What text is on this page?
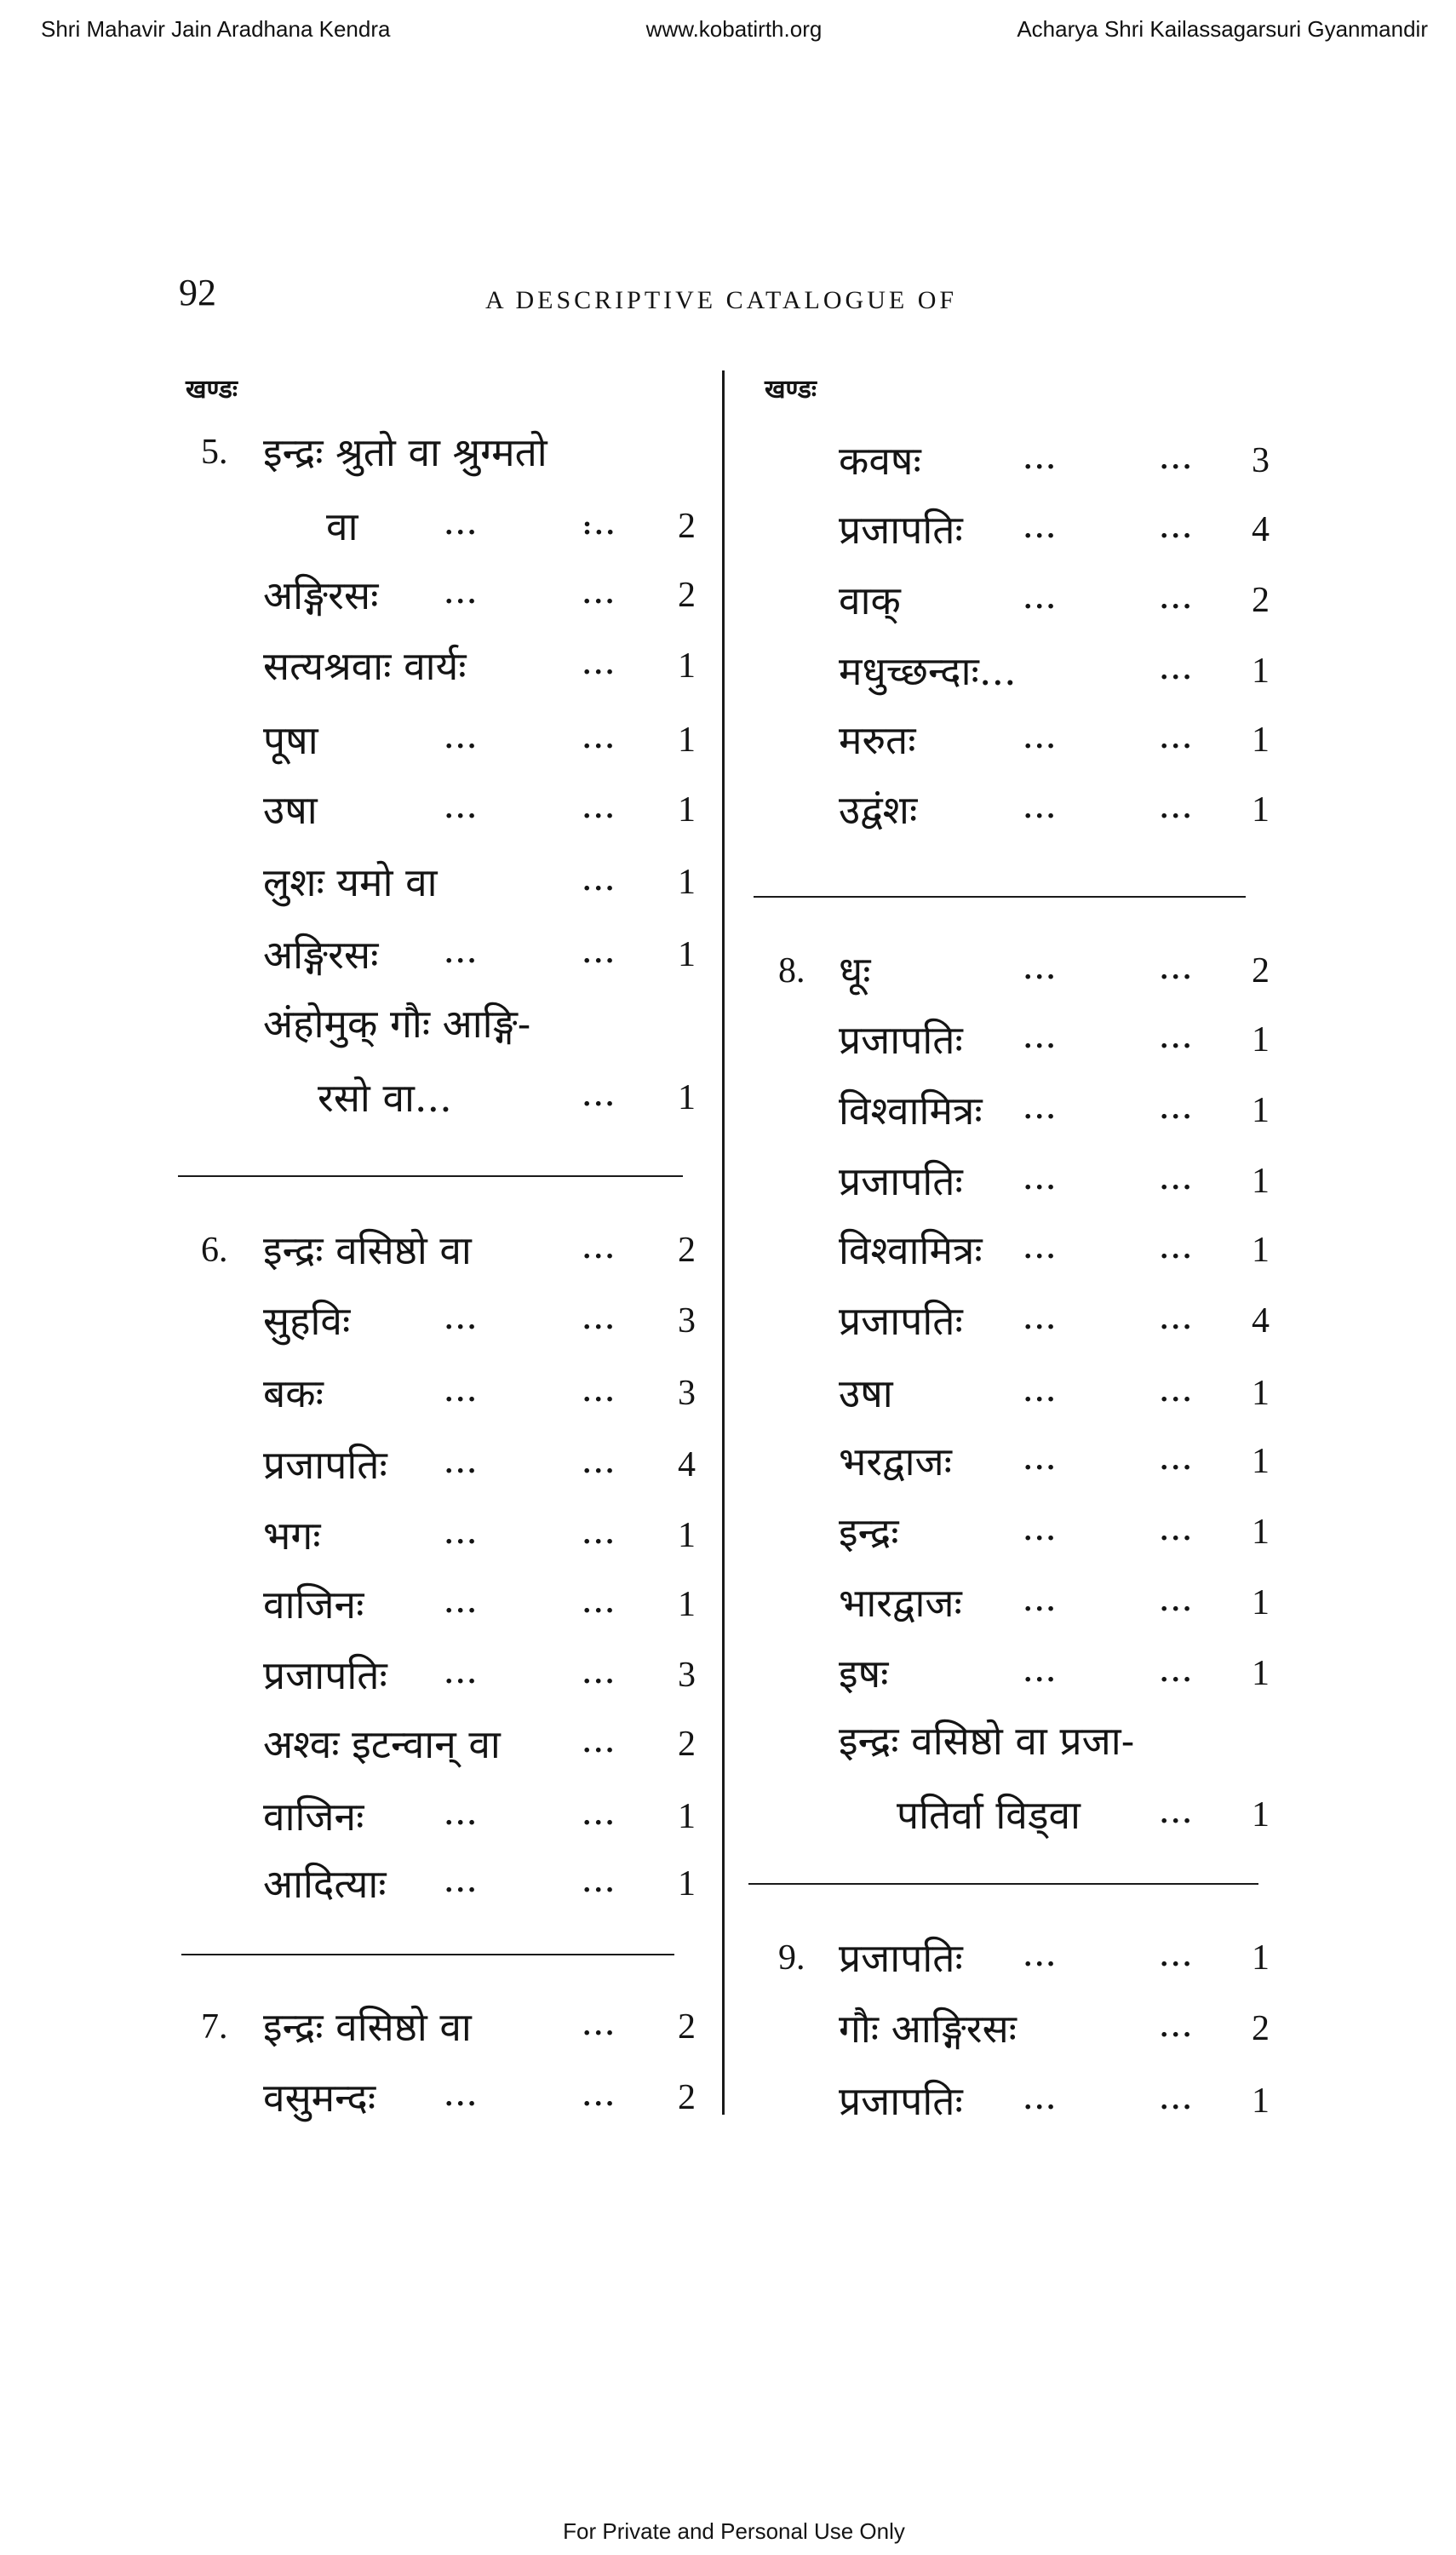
Shri Mahavir Jain Aradhana Kendra	www.kobatirth.org	Acharya Shri Kailassagarsuri Gyanmandir
92	A DESCRIPTIVE CATALOGUE OF
खण्डः
5. इन्द्रः श्रुतो वा श्रुग्मतो
वा	...	:.. 2
अङ्गिरसः	...	... 2
सत्यश्रवाः वार्यः	... 1
पूषा	...	... 1
उषा	...	... 1
लुशः यमो वा	... 1
अङ्गिरसः	...	... 1
अंहोमुक् गौः आङ्गि-
रसो वा...	... 1
6. इन्द्रः वसिष्ठो वा	... 2
सुहविः	...	... 3
बकः	...	... 3
प्रजापतिः ...	... 4
भगः	...	... 1
वाजिनः	...	... 1
प्रजापतिः ...	... 3
अश्वः इटन्वान् वा	... 2
वाजिनः	...	... 1
आदित्याः ...	... 1
7. इन्द्रः वसिष्ठो वा	... 2
वसुमन्दः	...	... 2
खण्डः
कवषः	...	... 3
प्रजापतिः ...	... 4
वाक्	...	... 2
मधुच्छन्दाः...	... 1
मरुतः	...	... 1
उद्वंशः	...	... 1
8. धूः	...	... 2
प्रजापतिः ...	... 1
विश्वामित्रः ...	... 1
प्रजापतिः ...	... 1
विश्वामित्रः ...	... 1
प्रजापतिः ...	... 4
उषा	...	... 1
भरद्वाजः	...	... 1
इन्द्रः	...	... 1
भारद्वाजः ...	... 1
इषः	...	... 1
इन्द्रः वसिष्ठो वा प्रजा-
पतिर्वा विड्वा	... 1
9. प्रजापतिः ...	... 1
गौः आङ्गिरसः	... 2
प्रजापतिः ...	... 1
For Private and Personal Use Only
